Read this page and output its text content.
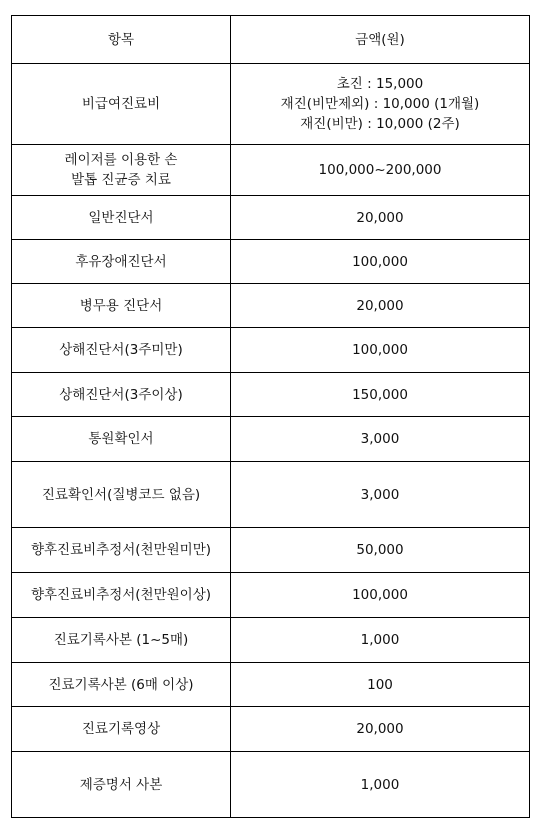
항목	금액(원)

비급여진료비	초진 : 15,000
재진(비만제외) : 10,000 (1개월)
재진(비만) : 10,000 (2주)

레이저를 이용한 손
발톱 진균증 치료	100,000~200,000

일반진단서	20,000

후유장애진단서	100,000

병무용 진단서	20,000

상해진단서(3주미만)	100,000

상해진단서(3주이상)	150,000

통원확인서	3,000

진료확인서(질병코드 없음)	3,000

향후진료비추정서(천만원미만)	50,000

향후진료비추정서(천만원이상)	100,000

진료기록사본 (1~5매)	1,000

진료기록사본 (6매 이상)	100

진료기록영상	20,000

제증명서 사본	1,000
